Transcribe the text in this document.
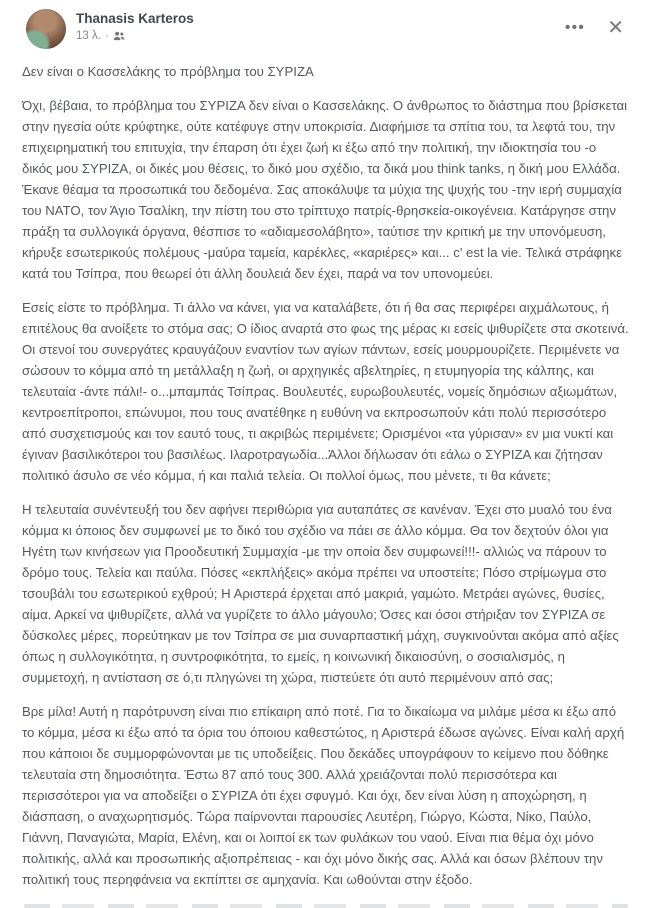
Thanasis Karteros
13 λ. ·	••• ✕

Δεν είναι ο Κασσελάκης το πρόβλημα του ΣΥΡΙΖΑ

Όχι, βέβαια, το πρόβλημα του ΣΥΡΙΖΑ δεν είναι ο Κασσελάκης. Ο άνθρωπος το διάστημα που βρίσκεται στην ηγεσία ούτε κρύφτηκε, ούτε κατέφυγε στην υποκρισία. Διαφήμισε τα σπίτια του, τα λεφτά του, την επιχειρηματική του επιτυχία, την έπαρση ότι έχει ζωή κι έξω από την πολιτική, την ιδιοκτησία του -ο δικός μου ΣΥΡΙΖΑ, οι δικές μου θέσεις, το δικό μου σχέδιο, τα δικά μου think tanks, η δική μου Ελλάδα. Έκανε θέαμα τα προσωπικά του δεδομένα. Σας αποκάλυψε τα μύχια της ψυχής του -την ιερή συμμαχία του ΝΑΤΟ, τον Άγιο Τσαλίκη, την πίστη του στο τρίπτυχο πατρίς-θρησκεία-οικογένεια. Κατάργησε στην πράξη τα συλλογικά όργανα, θέσπισε το «αδιαμεσολάβητο», ταύτισε την κριτική με την υπονόμευση, κήρυξε εσωτερικούς πολέμους -μαύρα ταμεία, καρέκλες, «καριέρες» και... c' est la vie. Τελικά στράφηκε κατά του Τσίπρα, που θεωρεί ότι άλλη δουλειά δεν έχει, παρά να τον υπονομεύει.

Εσείς είστε το πρόβλημα. Τι άλλο να κάνει, για να καταλάβετε, ότι ή θα σας περιφέρει αιχμάλωτους, ή επιτέλους θα ανοίξετε το στόμα σας; Ο ίδιος αναρτά στο φως της μέρας κι εσείς ψιθυρίζετε στα σκοτεινά. Οι στενοί του συνεργάτες κραυγάζουν εναντίον των αγίων πάντων, εσείς μουρμουρίζετε. Περιμένετε να σώσουν το κόμμα από τη μετάλλαξη η ζωή, οι αρχηγικές αβελτηρίες, η ετυμηγορία της κάλπης, και τελευταία -άντε πάλι!- ο...μπαμπάς Τσίπρας. Βουλευτές, ευρωβουλευτές, νομείς δημόσιων αξιωμάτων, κεντροεπίτροποι, επώνυμοι, που τους ανατέθηκε η ευθύνη να εκπροσωπούν κάτι πολύ περισσότερο από συσχετισμούς και τον εαυτό τους, τι ακριβώς περιμένετε; Ορισμένοι «τα γύρισαν» εν μια νυκτί και έγιναν βασιλικότεροι του βασιλέως. Ιλαροτραγωδία...Άλλοι δήλωσαν ότι εάλω ο ΣΥΡΙΖΑ και ζήτησαν πολιτικό άσυλο σε νέο κόμμα, ή και παλιά τελεία. Οι πολλοί όμως, που μένετε, τι θα κάνετε;

Η τελευταία συνέντευξή του δεν αφήνει περιθώρια για αυταπάτες σε κανέναν. Έχει στο μυαλό του ένα κόμμα κι όποιος δεν συμφωνεί με το δικό του σχέδιο να πάει σε άλλο κόμμα. Θα τον δεχτούν όλοι για Ηγέτη των κινήσεων για Προοδευτική Συμμαχία -με την οποία δεν συμφωνεί!!!- αλλιώς να πάρουν το δρόμο τους. Τελεία και παύλα. Πόσες «εκπλήξεις» ακόμα πρέπει να υποστείτε; Πόσο στρίμωγμα στο τσουβάλι του εσωτερικού εχθρού; Η Αριστερά έρχεται από μακριά, γαμώτο. Μετράει αγώνες, θυσίες, αίμα. Αρκεί να ψιθυρίζετε, αλλά να γυρίζετε το άλλο μάγουλο; Όσες και όσοι στήριξαν τον ΣΥΡΙΖΑ σε δύσκολες μέρες, πορεύτηκαν με τον Τσίπρα σε μια συναρπαστική μάχη, συγκινούνται ακόμα από αξίες όπως η συλλογικότητα, η συντροφικότητα, το εμείς, η κοινωνική δικαιοσύνη, ο σοσιαλισμός, η συμμετοχή, η αντίσταση σε ό,τι πληγώνει τη χώρα, πιστεύετε ότι αυτό περιμένουν από σας;

Βρε μίλα! Αυτή η παρότρυνση είναι πιο επίκαιρη από ποτέ. Για το δικαίωμα να μιλάμε μέσα κι έξω από το κόμμα, μέσα κι έξω από τα όρια του όποιου καθεστώτος, η Αριστερά έδωσε αγώνες. Είναι καλή αρχή που κάποιοι δε συμμορφώνονται με τις υποδείξεις. Που δεκάδες υπογράφουν το κείμενο που δόθηκε τελευταία στη δημοσιότητα. Έστω 87 από τους 300. Αλλά χρειάζονται πολύ περισσότερα και περισσότεροι για να αποδείξει ο ΣΥΡΙΖΑ ότι έχει σφυγμό. Και όχι, δεν είναι λύση η αποχώρηση, η διάσπαση, ο αναχωρητισμός. Τώρα παίρνονται παρουσίες Λευτέρη, Γιώργο, Κώστα, Νίκο, Παύλο, Γιάννη, Παναγιώτα, Μαρία, Ελένη, και οι λοιποί εκ των φυλάκων του ναού. Είναι πια θέμα όχι μόνο πολιτικής, αλλά και προσωπικής αξιοπρέπειας - και όχι μόνο δικής σας. Αλλά και όσων βλέπουν την πολιτική τους περηφάνεια να εκπίπτει σε αμηχανία. Και ωθούνται στην έξοδο.
